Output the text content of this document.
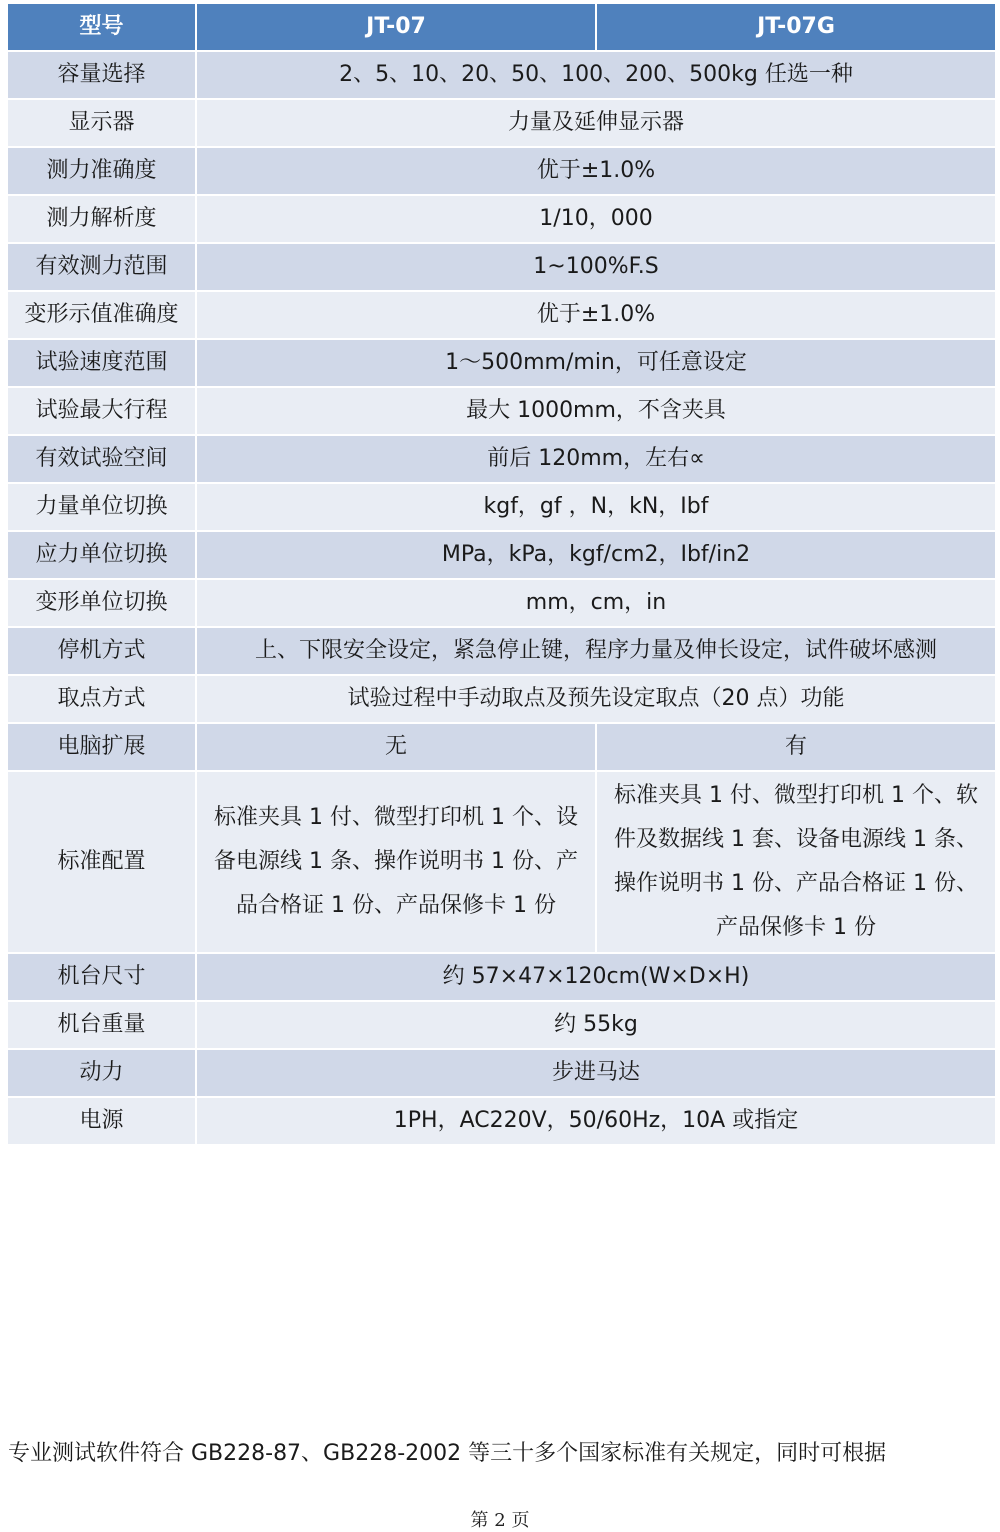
型号	JT-07	JT-07G
容量选择	2、5、10、20、50、100、200、500kg 任选一种	
显示器	力量及延伸显示器	
测力准确度	优于±1.0%	
测力解析度	1/10，000	
有效测力范围	1~100%F.S	
变形示值准确度	优于±1.0%	
试验速度范围	1～500mm/min，可任意设定	
试验最大行程	最大 1000mm，不含夹具	
有效试验空间	前后 120mm，左右∝	
力量单位切换	kgf，gf ，N，kN，Ibf	
应力单位切换	MPa，kPa，kgf/cm2，Ibf/in2	
变形单位切换	mm，cm，in	
停机方式	上、下限安全设定，紧急停止键，程序力量及伸长设定，试件破坏感测	
取点方式	试验过程中手动取点及预先设定取点（20 点）功能	
电脑扩展	无	有
标准配置	标准夹具 1 付、微型打印机 1 个、设备电源线 1 条、操作说明书 1 份、产品合格证 1 份、产品保修卡 1 份	标准夹具 1 付、微型打印机 1 个、软件及数据线 1 套、设备电源线 1 条、操作说明书 1 份、产品合格证 1 份、产品保修卡 1 份
机台尺寸	约 57×47×120cm(W×D×H)	
机台重量	约 55kg	
动力	步进马达	
电源	1PH，AC220V，50/60Hz，10A 或指定	
专业测试软件符合 GB228-87、GB228-2002 等三十多个国家标准有关规定，同时可根据
第 2 页
